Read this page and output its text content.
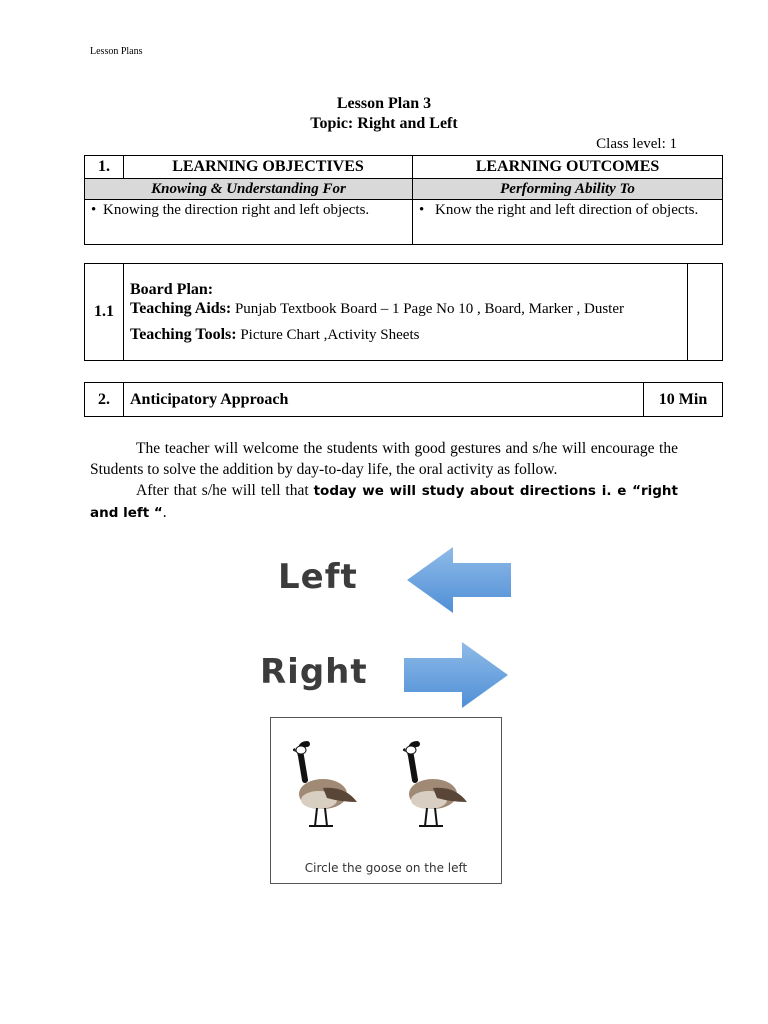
Lesson Plans
Lesson Plan 3
Topic: Right and Left
Class level: 1
1.	LEARNING OBJECTIVES	LEARNING OUTCOMES
Knowing & Understanding For		Performing Ability To

• Knowing the direction right and left objects.		• Know the right and left direction of objects.
1.1	
Board Plan:
Teaching Aids: Punjab Textbook Board – 1 Page No 10 , Board, Marker , Duster
Teaching Tools: Picture Chart ,Activity Sheets

2.	Anticipatory Approach	10 Min

The teacher will welcome the students with good gestures and s/he will encourage the Students to solve the addition by day-to-day life, the oral activity as follow.

After that s/he will tell that today we will study about directions i. e “right and left “.

Left
Right
Circle the goose on the left
